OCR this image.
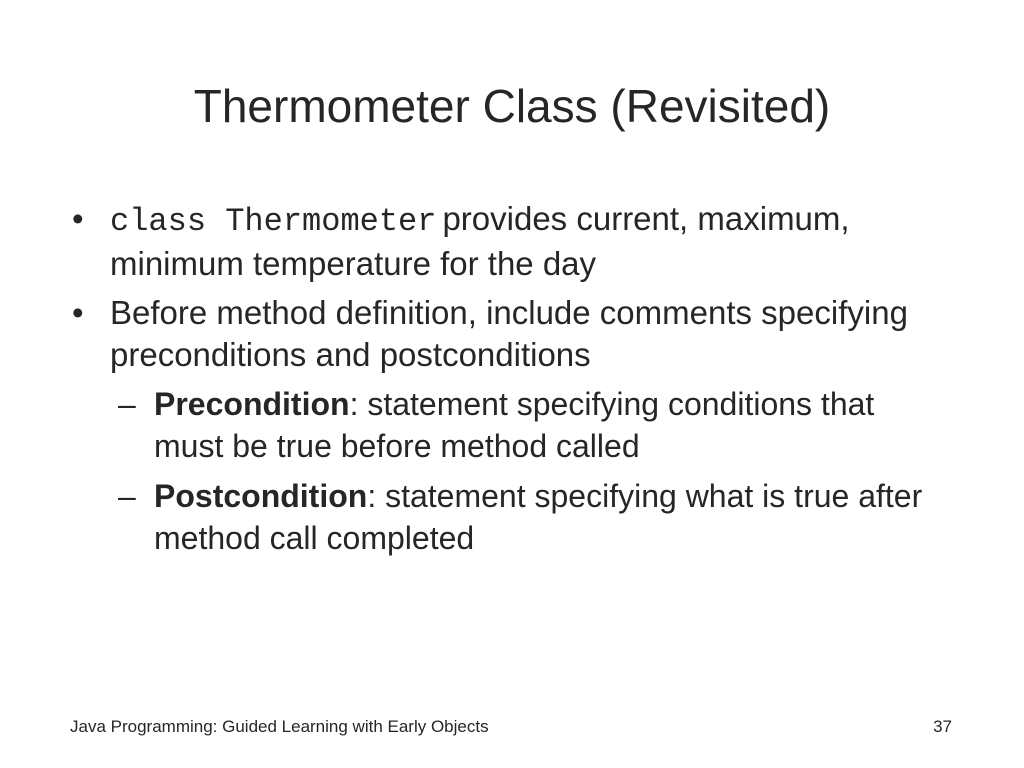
Thermometer Class (Revisited)
• class Thermometer provides current, maximum, minimum temperature for the day
• Before method definition, include comments specifying preconditions and postconditions
– Precondition: statement specifying conditions that must be true before method called
– Postcondition: statement specifying what is true after method call completed
Java Programming: Guided Learning with Early Objects	37
